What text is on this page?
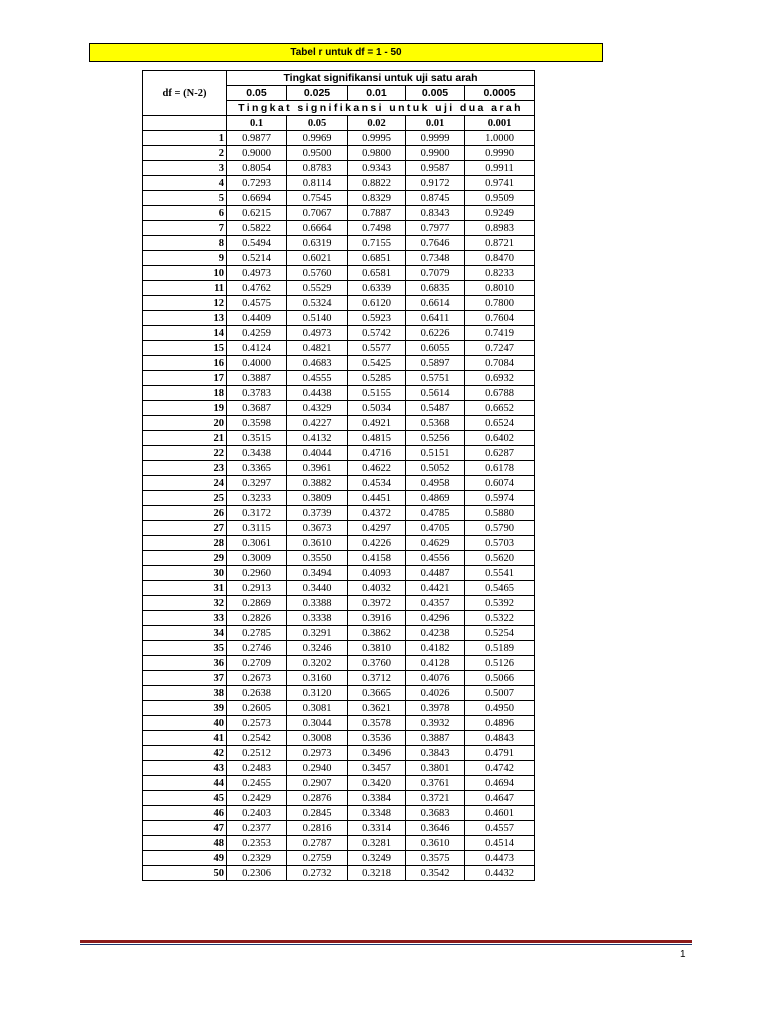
Tabel r untuk df = 1 - 50
df = (N-2)	Tingkat signifikansi untuk uji satu arah				
	0.05	0.025	0.01	0.005	0.0005
	Tingkat signifikansi untuk uji dua arah				
	0.1	0.05	0.02	0.01	0.001
1	0.9877	0.9969	0.9995	0.9999	1.0000
2	0.9000	0.9500	0.9800	0.9900	0.9990
3	0.8054	0.8783	0.9343	0.9587	0.9911
4	0.7293	0.8114	0.8822	0.9172	0.9741
5	0.6694	0.7545	0.8329	0.8745	0.9509
6	0.6215	0.7067	0.7887	0.8343	0.9249
7	0.5822	0.6664	0.7498	0.7977	0.8983
8	0.5494	0.6319	0.7155	0.7646	0.8721
9	0.5214	0.6021	0.6851	0.7348	0.8470
10	0.4973	0.5760	0.6581	0.7079	0.8233
11	0.4762	0.5529	0.6339	0.6835	0.8010
12	0.4575	0.5324	0.6120	0.6614	0.7800
13	0.4409	0.5140	0.5923	0.6411	0.7604
14	0.4259	0.4973	0.5742	0.6226	0.7419
15	0.4124	0.4821	0.5577	0.6055	0.7247
16	0.4000	0.4683	0.5425	0.5897	0.7084
17	0.3887	0.4555	0.5285	0.5751	0.6932
18	0.3783	0.4438	0.5155	0.5614	0.6788
19	0.3687	0.4329	0.5034	0.5487	0.6652
20	0.3598	0.4227	0.4921	0.5368	0.6524
21	0.3515	0.4132	0.4815	0.5256	0.6402
22	0.3438	0.4044	0.4716	0.5151	0.6287
23	0.3365	0.3961	0.4622	0.5052	0.6178
24	0.3297	0.3882	0.4534	0.4958	0.6074
25	0.3233	0.3809	0.4451	0.4869	0.5974
26	0.3172	0.3739	0.4372	0.4785	0.5880
27	0.3115	0.3673	0.4297	0.4705	0.5790
28	0.3061	0.3610	0.4226	0.4629	0.5703
29	0.3009	0.3550	0.4158	0.4556	0.5620
30	0.2960	0.3494	0.4093	0.4487	0.5541
31	0.2913	0.3440	0.4032	0.4421	0.5465
32	0.2869	0.3388	0.3972	0.4357	0.5392
33	0.2826	0.3338	0.3916	0.4296	0.5322
34	0.2785	0.3291	0.3862	0.4238	0.5254
35	0.2746	0.3246	0.3810	0.4182	0.5189
36	0.2709	0.3202	0.3760	0.4128	0.5126
37	0.2673	0.3160	0.3712	0.4076	0.5066
38	0.2638	0.3120	0.3665	0.4026	0.5007
39	0.2605	0.3081	0.3621	0.3978	0.4950
40	0.2573	0.3044	0.3578	0.3932	0.4896
41	0.2542	0.3008	0.3536	0.3887	0.4843
42	0.2512	0.2973	0.3496	0.3843	0.4791
43	0.2483	0.2940	0.3457	0.3801	0.4742
44	0.2455	0.2907	0.3420	0.3761	0.4694
45	0.2429	0.2876	0.3384	0.3721	0.4647
46	0.2403	0.2845	0.3348	0.3683	0.4601
47	0.2377	0.2816	0.3314	0.3646	0.4557
48	0.2353	0.2787	0.3281	0.3610	0.4514
49	0.2329	0.2759	0.3249	0.3575	0.4473
50	0.2306	0.2732	0.3218	0.3542	0.4432
1
